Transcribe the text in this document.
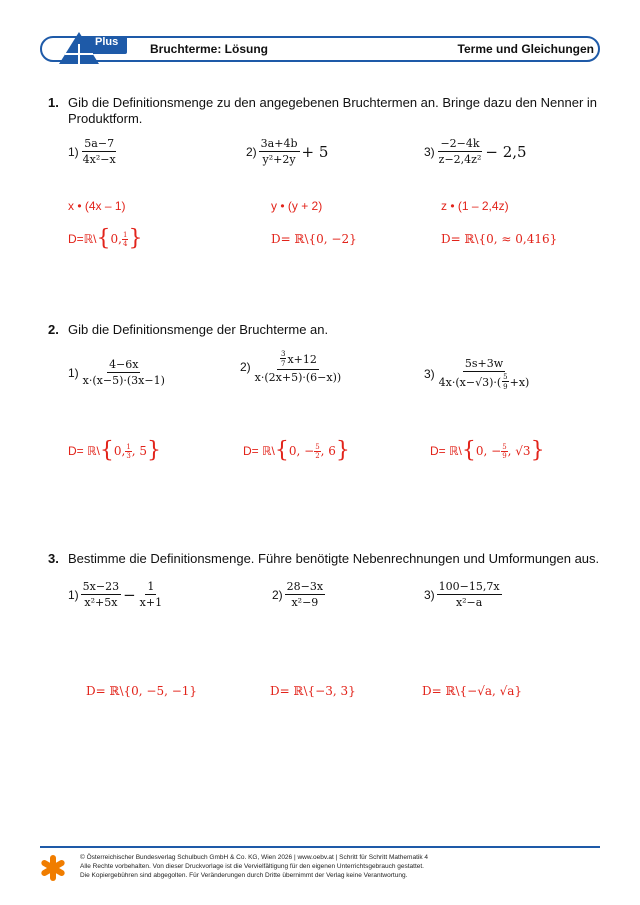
Plus	Bruchterme: Lösung	Terme und Gleichungen
1. Gib die Definitionsmenge zu den angegebenen Bruchtermen an. Bringe dazu den Nenner in Produktform.
$1) \frac{5a-7}{\text{4x²−x}}$	$2) \frac{3a+4b}{\text{y²+2y}} + 5$	$3) \frac{-2-4k}{\text{z−2,4z²}} - 2,5$
x • (4x – 1)	y • (y + 2)	z • (1 – 2,4z)
D=ℝ\ { 0, $\frac{1}{4}$ }	D= ℝ\{0, −2}	D= ℝ\{0, ≈ 0,416}
2. Gib die Definitionsmenge der Bruchterme an.
$1) \frac{4-6x}{x\cdot(x-5)\cdot(3x-1)}$	$2) \frac{\frac{3}{7} x+12}{x\cdot(2x+5)\cdot(6-x))}$	$3) \frac{5s+3w}{4x\cdot(x-√3)\cdot( \frac{5}{9} +x)}$
D= ℝ\ { 0, $\frac{1}{3}$ , 5 }	D= ℝ\ { 0, − $\frac{5}{2}$ , 6 }	D= ℝ\ { 0, − $\frac{5}{9}$ , √3 }
3. Bestimme die Definitionsmenge. Führe benötigte Nebenrechnungen und Umformungen aus.
$1) \frac{5x-23}{\text{x²+5x}} - \frac{1}{x+1}$	$2) \frac{28-3x}{\text{x²−9}}$	$3) \frac{100-15,7x}{\text{x²−a}}$
D= ℝ\{0, −5, −1}	D= ℝ\{−3, 3}	D= ℝ\{−√a, √a}
© Österreichischer Bundesverlag Schulbuch GmbH & Co. KG, Wien 2026 | www.oebv.at | Schritt für Schritt Mathematik 4
Alle Rechte vorbehalten. Von dieser Druckvorlage ist die Vervielfältigung für den eigenen Unterrichtsgebrauch gestattet.
Die Kopiergebühren sind abgegolten. Für Veränderungen durch Dritte übernimmt der Verlag keine Verantwortung.
